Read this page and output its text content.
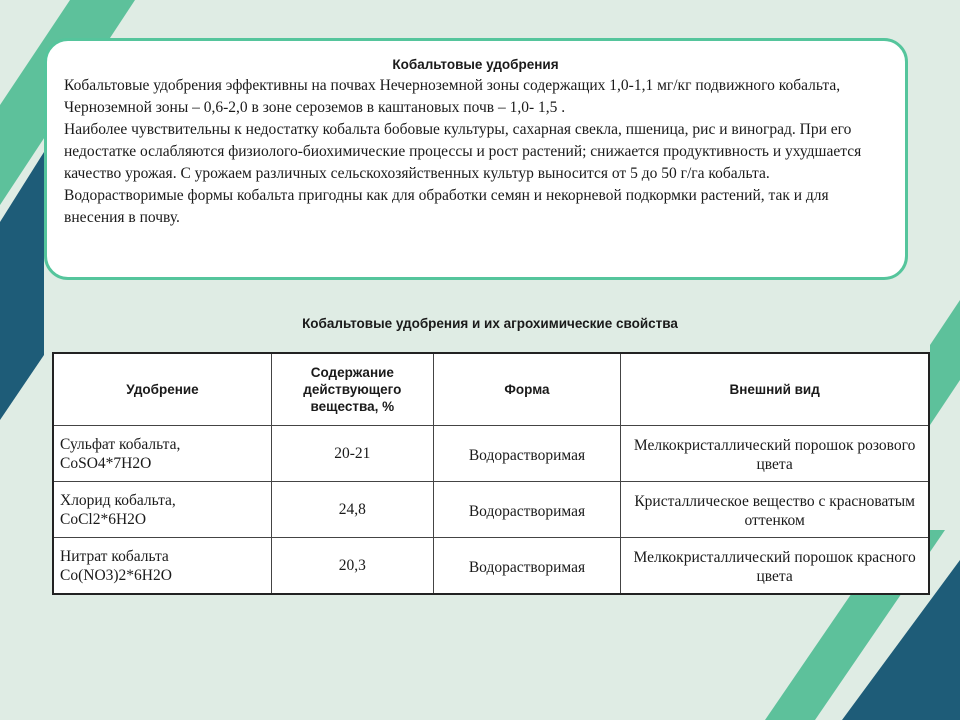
Кобальтовые удобрения

Кобальтовые удобрения эффективны на почвах Нечерноземной зоны содержащих 1,0-1,1 мг/кг подвижного кобальта, Черноземной зоны – 0,6-2,0 в зоне сероземов в каштановых почв – 1,0- 1,5 .

Наиболее чувствительны к недостатку кобальта бобовые культуры, сахарная свекла, пшеница, рис и виноград. При его недостатке ослабляются физиолого-биохимические процессы и рост растений; снижается продуктивность и ухудшается качество урожая. С урожаем различных сельскохозяйственных культур выносится от 5 до 50 г/га кобальта.

Водорастворимые формы кобальта пригодны как для обработки семян и некорневой подкормки растений, так и для внесения в почву.

Кобальтовые удобрения и их агрохимические свойства
Удобрение	Содержание действующего вещества, %	Форма	Внешний вид
Сульфат кобальта,
CoSO4*7H2O	20-21	Водорастворимая	Мелкокристаллический порошок розового цвета
Хлорид кобальта,
CoCl2*6H2O	24,8	Водорастворимая	Кристаллическое вещество с красноватым оттенком
Нитрат кобальта
Co(NO3)2*6H2O	20,3	Водорастворимая	Мелкокристаллический порошок красного цвета
